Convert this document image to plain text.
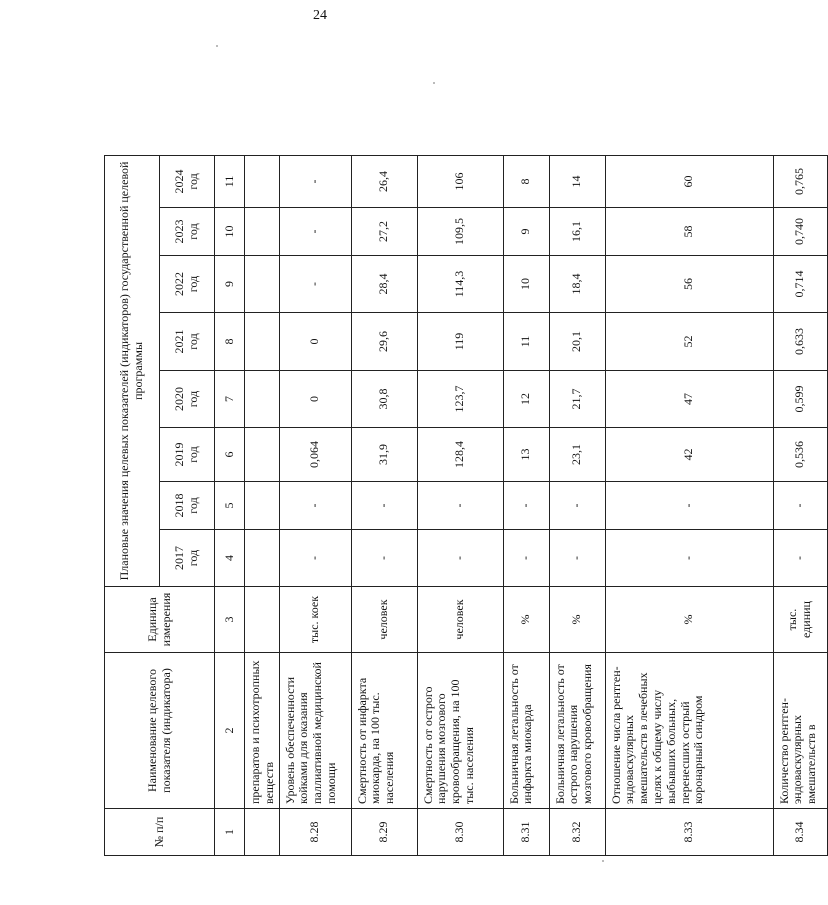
24
№ п/п	Наименование целевого показателя (индикатора)	Единица измерения	Плановые значения целевых показателей (индикаторов) государственной целевой программы							

			2017 год	2018 год	2019 год	2020 год	2021 год	2022 год	2023 год	2024 год

1	2	3	4	5	6	7	8	9	10	11
	препаратов и психотропных веществ									
8.28	Уровень обеспеченности койками для оказания паллиативной медицинской помощи	тыс. коек	-	-	0,064	0	0	-	-	-
8.29	Смертность от инфаркта миокарда, на 100 тыс. населения	человек	-	-	31,9	30,8	29,6	28,4	27,2	26,4
8.30	Смертность от острого нарушения мозгового кровообращения, на 100 тыс. населения	человек	-	-	128,4	123,7	119	114,3	109,5	106
8.31	Больничная летальность от инфаркта миокарда	%	-	-	13	12	11	10	9	8
8.32	Больничная летальность от острого нарушения мозгового кровообращения	%	-	-	23,1	21,7	20,1	18,4	16,1	14
8.33	Отношение числа рентген-эндоваскулярных вмешательств в лечебных целях к общему числу выбывших больных, перенесших острый коронарный синдром	%	-	-	42	47	52	56	58	60
8.34	Количество рентген-эндоваскулярных вмешательств в	тыс. единиц	-	-	0,536	0,599	0,633	0,714	0,740	0,765
